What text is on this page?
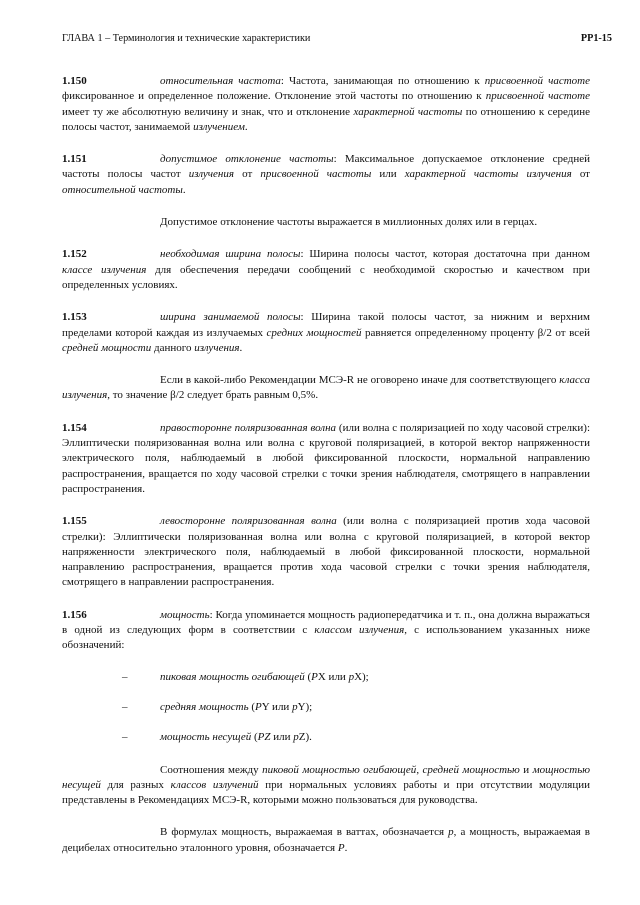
ГЛАВА 1 – Терминология и технические характеристики	РР1-15

1.150	относительная частота: Частота, занимающая по отношению к присвоенной частоте фиксированное и определенное положение. Отклонение этой частоты по отношению к присвоенной частоте имеет ту же абсолютную величину и знак, что и отклонение характерной частоты по отношению к середине полосы частот, занимаемой излучением.

1.151	допустимое отклонение частоты: Максимальное допускаемое отклонение средней частоты полосы частот излучения от присвоенной частоты или характерной частоты излучения от относительной частоты.

Допустимое отклонение частоты выражается в миллионных долях или в герцах.

1.152	необходимая ширина полосы: Ширина полосы частот, которая достаточна при данном классе излучения для обеспечения передачи сообщений с необходимой скоростью и качеством при определенных условиях.

1.153	ширина занимаемой полосы: Ширина такой полосы частот, за нижним и верхним пределами которой каждая из излучаемых средних мощностей равняется определенному проценту β/2 от всей средней мощности данного излучения.

Если в какой-либо Рекомендации МСЭ-R не оговорено иначе для соответствующего класса излучения, то значение β/2 следует брать равным 0,5%.

1.154	правосторонне поляризованная волна (или волна с поляризацией по ходу часовой стрелки): Эллиптически поляризованная волна или волна с круговой поляризацией, в которой вектор напряженности электрического поля, наблюдаемый в любой фиксированной плоскости, нормальной направлению распространения, вращается по ходу часовой стрелки с точки зрения наблюдателя, смотрящего в направлении распространения.

1.155	левосторонне поляризованная волна (или волна с поляризацией против хода часовой стрелки): Эллиптически поляризованная волна или волна с круговой поляризацией, в которой вектор напряженности электрического поля, наблюдаемый в любой фиксированной плоскости, нормальной направлению распространения, вращается против хода часовой стрелки с точки зрения наблюдателя, смотрящего в направлении распространения.

1.156	мощность: Когда упоминается мощность радиопередатчика и т. п., она должна выражаться в одной из следующих форм в соответствии с классом излучения, с использованием указанных ниже обозначений:

–	пиковая мощность огибающей (PX или pX);
–	средняя мощность (PY или pY);
–	мощность несущей (PZ или pZ).

Соотношения между пиковой мощностью огибающей, средней мощностью и мощностью несущей для разных классов излучений при нормальных условиях работы и при отсутствии модуляции представлены в Рекомендациях МСЭ-R, которыми можно пользоваться для руководства.

В формулах мощность, выражаемая в ваттах, обозначается p, а мощность, выражаемая в децибелах относительно эталонного уровня, обозначается P.
